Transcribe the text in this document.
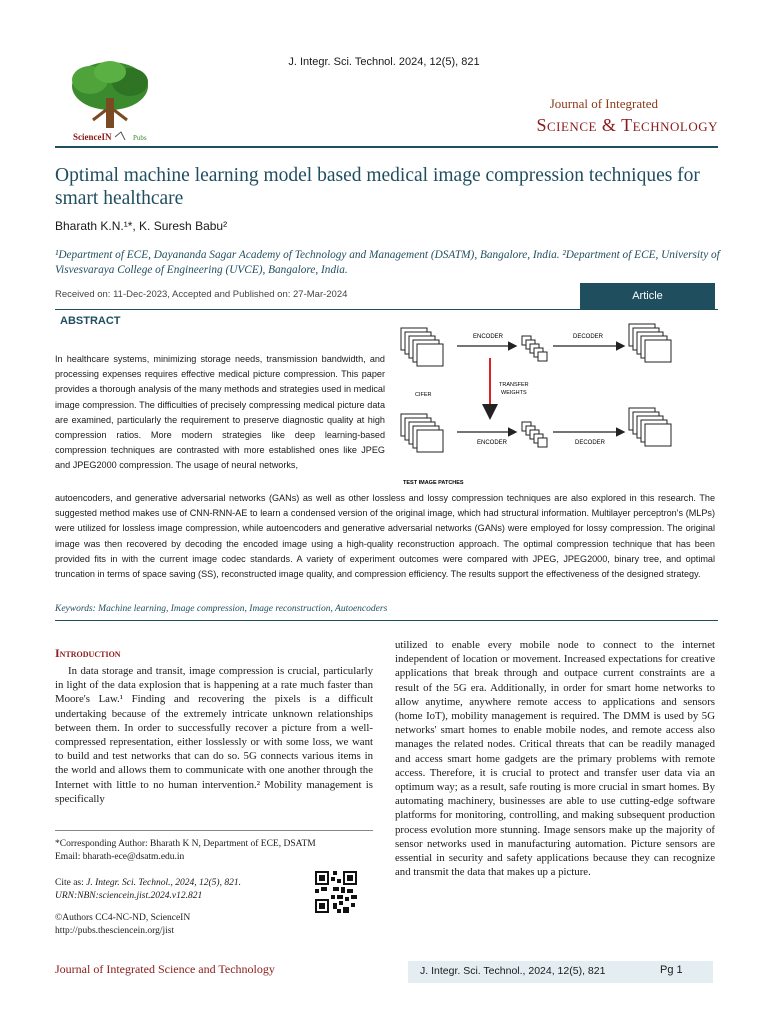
J. Integr. Sci. Technol. 2024, 12(5), 821
ScienceIN	Pubs
Journal of Integrated
Science & Technology
Optimal machine learning model based medical image compression techniques for smart healthcare
Bharath K.N.¹*, K. Suresh Babu²
¹Department of ECE, Dayananda Sagar Academy of Technology and Management (DSATM), Bangalore, India. ²Department of ECE, University of Visvesvaraya College of Engineering (UVCE), Bangalore, India.
Received on: 11-Dec-2023, Accepted and Published on: 27-Mar-2024	Article
ABSTRACT
In healthcare systems, minimizing storage needs, transmission bandwidth, and processing expenses requires effective medical picture compression. This paper provides a thorough analysis of the many methods and strategies used in medical image compression. The difficulties of precisely compressing medical picture data are examined, particularly the requirement to preserve diagnostic quality at high compression ratios. More modern strategies like deep learning-based compression techniques are contrasted with more established ones like JPEG and JPEG2000 compression. The usage of neural networks,
ENCODER	DECODER
TRANSFER
WEIGHTS
CIFER
ENCODER	DECODER
TEST IMAGE PATCHES
autoencoders, and generative adversarial networks (GANs) as well as other lossless and lossy compression techniques are also explored in this research. The suggested method makes use of CNN-RNN-AE to learn a condensed version of the original image, which had structural information. Multilayer perceptron's (MLPs) were utilized for lossless image compression, while autoencoders and generative adversarial networks (GANs) were employed for lossy compression. The original image was then recovered by decoding the encoded image using a high-quality reconstruction approach. The optimal compression technique that has been provided fits in with the current image codec standards. A variety of experiment outcomes were compared with JPEG, JPEG2000, binary tree, and optimal truncation in terms of space saving (SS), reconstructed image quality, and compression efficiency. The results support the effectiveness of the designed strategy.
Keywords: Machine learning, Image compression, Image reconstruction, Autoencoders
Introduction
In data storage and transit, image compression is crucial, particularly in light of the data explosion that is happening at a rate much faster than Moore's Law.¹ Finding and recovering the pixels is a difficult undertaking because of the extremely intricate unknown relationships between them. In order to successfully recover a picture from a well-compressed representation, either losslessly or with some loss, we want to build and test networks that can do so. 5G connects various items in the world and allows them to communicate with one another through the Internet with little to no human intervention.² Mobility management is specifically
utilized to enable every mobile node to connect to the internet independent of location or movement. Increased expectations for creative applications that break through and outpace current constraints are a result of the 5G era. Additionally, in order for smart home networks to allow anytime, anywhere remote access to applications and sensors (home IoT), mobility management is required. The DMM is used by 5G networks' smart homes to enable mobile nodes, and remote access also manages the related nodes. Critical threats that can be readily managed and access smart home gadgets are the primary problems with remote access. Therefore, it is crucial to protect and transfer user data via an optimum way; as a result, safe routing is more crucial in smart homes. By automating machinery, businesses are able to use cutting-edge software platforms for monitoring, controlling, and making subsequent production process evolution more stunning. Image sensors make up the majority of sensor networks used in manufacturing automation. Picture sensors are essential in security and safety applications because they can recognize and transmit the data that makes up a picture.
*Corresponding Author: Bharath K N, Department of ECE, DSATM
Email: bharath-ece@dsatm.edu.in
Cite as: J. Integr. Sci. Technol., 2024, 12(5), 821.
URN:NBN:sciencein.jist.2024.v12.821
©Authors CC4-NC-ND, ScienceIN
http://pubs.thesciencein.org/jist
Journal of Integrated Science and Technology	J. Integr. Sci. Technol., 2024, 12(5), 821	Pg 1
